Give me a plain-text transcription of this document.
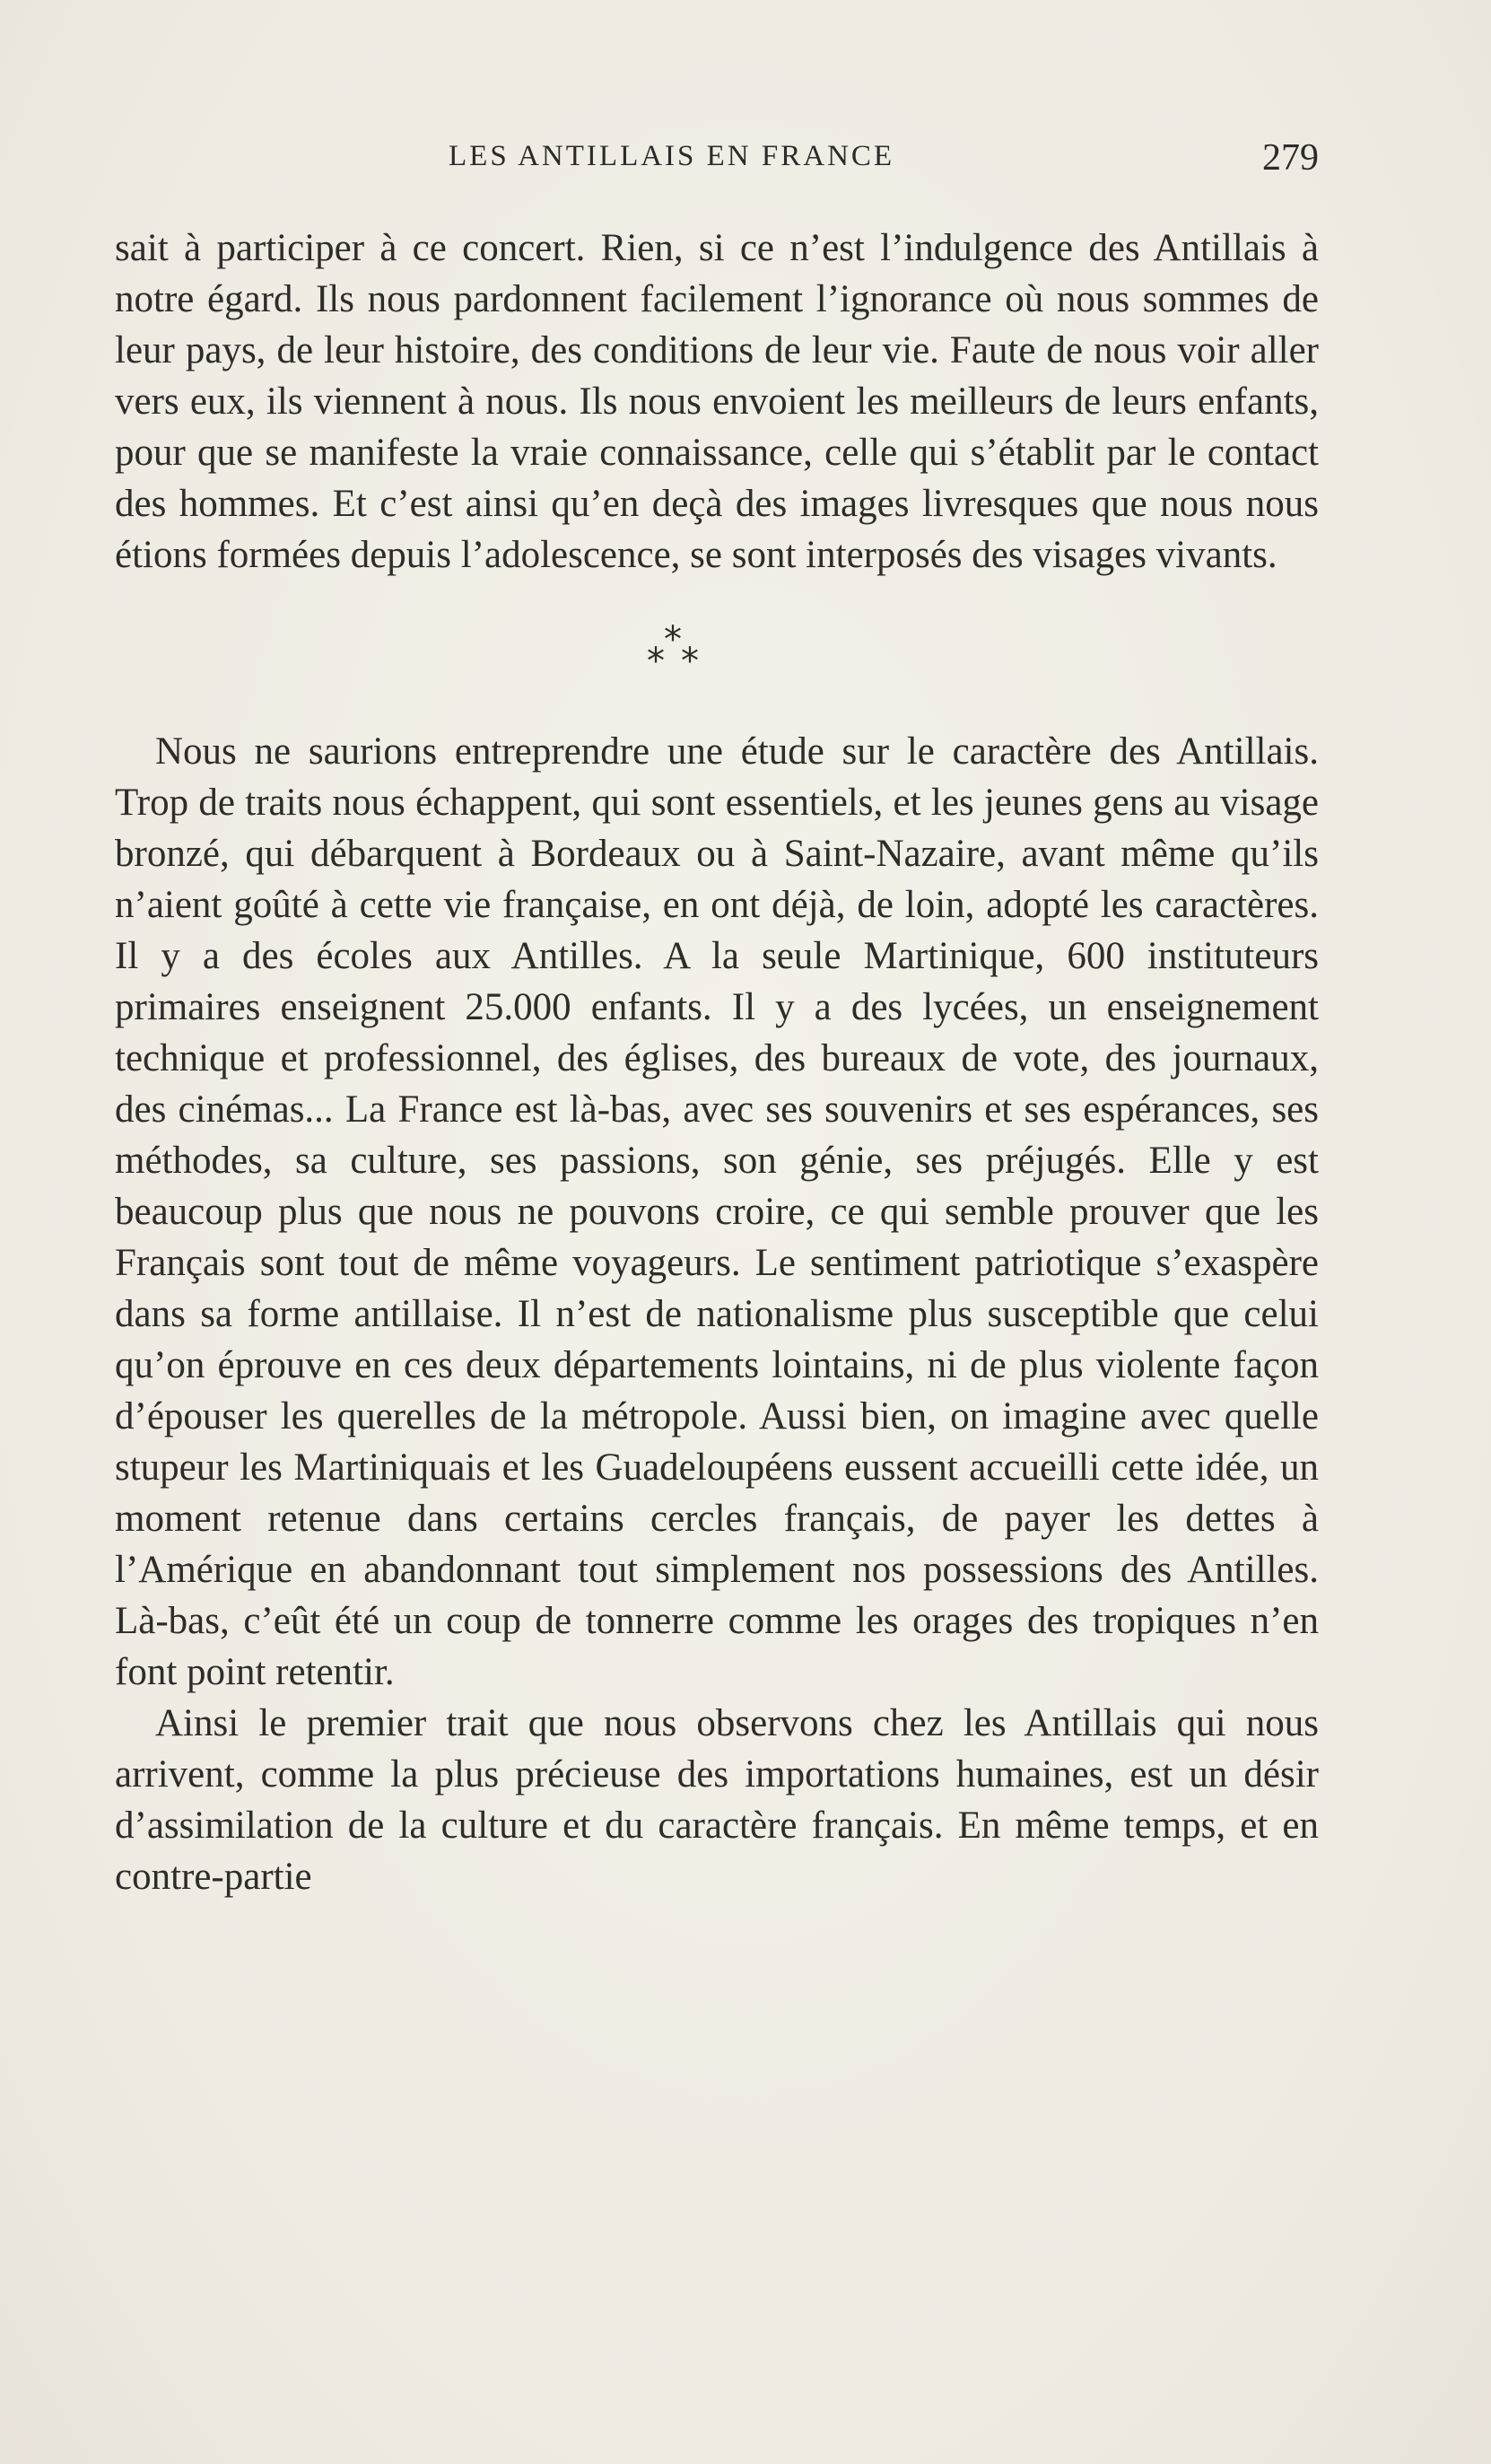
LES ANTILLAIS EN FRANCE	279

sait à participer à ce concert. Rien, si ce n’est l’indulgence des Antillais à notre égard. Ils nous pardonnent facilement l’ignorance où nous sommes de leur pays, de leur histoire, des conditions de leur vie. Faute de nous voir aller vers eux, ils viennent à nous. Ils nous envoient les meilleurs de leurs enfants, pour que se manifeste la vraie connaissance, celle qui s’établit par le contact des hommes. Et c’est ainsi qu’en deçà des images livresques que nous nous étions formées depuis l’adolescence, se sont interposés des visages vivants.

*
* *

Nous ne saurions entreprendre une étude sur le caractère des Antillais. Trop de traits nous échappent, qui sont essentiels, et les jeunes gens au visage bronzé, qui débarquent à Bordeaux ou à Saint-Nazaire, avant même qu’ils n’aient goûté à cette vie française, en ont déjà, de loin, adopté les caractères. Il y a des écoles aux Antilles. A la seule Martinique, 600 instituteurs primaires enseignent 25.000 enfants. Il y a des lycées, un enseignement technique et professionnel, des églises, des bureaux de vote, des journaux, des cinémas... La France est là-bas, avec ses souvenirs et ses espérances, ses méthodes, sa culture, ses passions, son génie, ses préjugés. Elle y est beaucoup plus que nous ne pouvons croire, ce qui semble prouver que les Français sont tout de même voyageurs. Le sentiment patriotique s’exaspère dans sa forme antillaise. Il n’est de nationalisme plus susceptible que celui qu’on éprouve en ces deux départements lointains, ni de plus violente façon d’épouser les querelles de la métropole. Aussi bien, on imagine avec quelle stupeur les Martiniquais et les Guadeloupéens eussent accueilli cette idée, un moment retenue dans certains cercles français, de payer les dettes à l’Amérique en abandonnant tout simplement nos possessions des Antilles. Là-bas, c’eût été un coup de tonnerre comme les orages des tropiques n’en font point retentir.

Ainsi le premier trait que nous observons chez les Antillais qui nous arrivent, comme la plus précieuse des importations humaines, est un désir d’assimilation de la culture et du caractère français. En même temps, et en contre-partie
